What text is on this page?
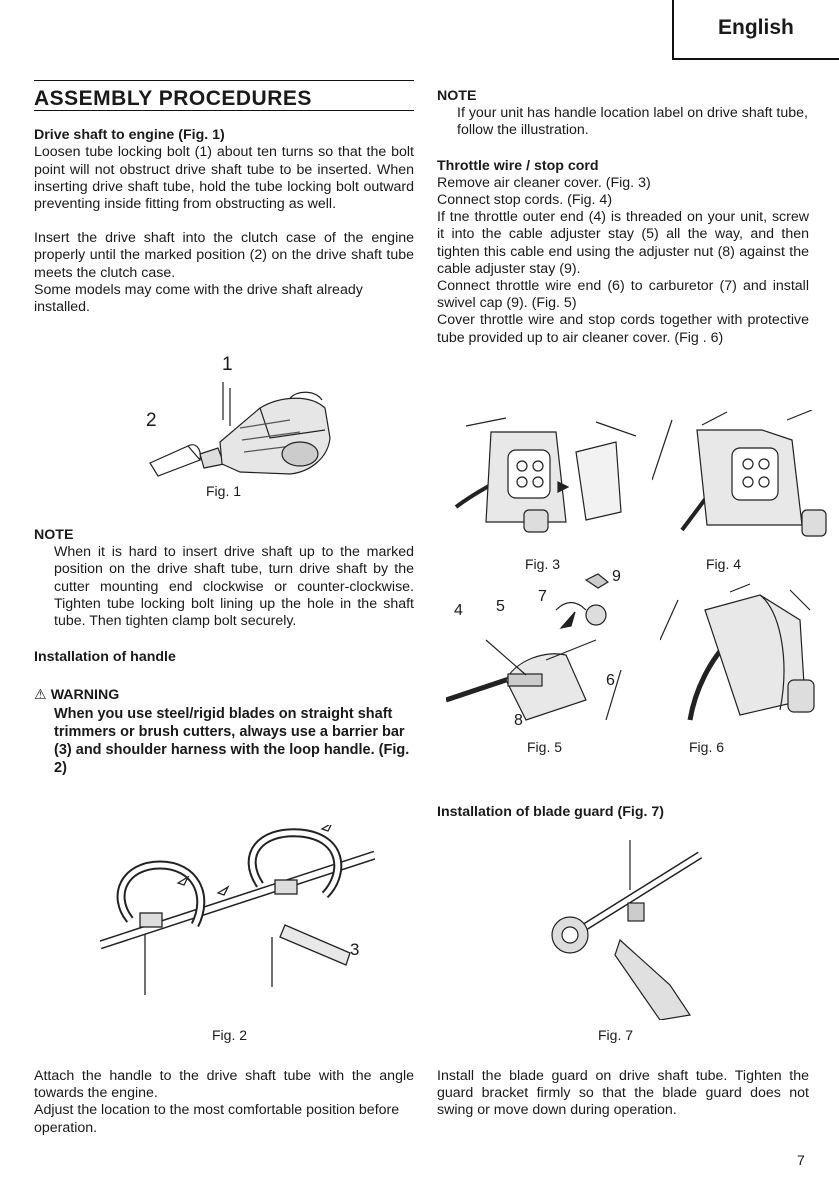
English
ASSEMBLY PROCEDURES

Drive shaft to engine (Fig. 1)

Loosen tube locking bolt (1) about ten turns so that the bolt point will not obstruct drive shaft tube to be inserted. When inserting drive shaft tube, hold the tube locking bolt outward preventing inside fitting from obstructing as well.

Insert the drive shaft into the clutch case of the engine properly until the marked position (2) on the drive shaft tube meets the clutch case.

Some models may come with the drive shaft already installed.

1
2
Fig. 1

NOTE

When it is hard to insert drive shaft up to the marked position on the drive shaft tube, turn drive shaft by the cutter mounting end clockwise or counter-clockwise. Tighten tube locking bolt lining up the hole in the shaft tube. Then tighten clamp bolt securely.

Installation of handle

⚠ WARNING

When you use steel/rigid blades on straight shaft trimmers or brush cutters, always use a barrier bar (3) and shoulder harness with the loop handle. (Fig. 2)

3
Fig. 2

Attach the handle to the drive shaft tube with the angle towards the engine.

Adjust the location to the most comfortable position before operation.

NOTE

If your unit has handle location label on drive shaft tube, follow the illustration.

Throttle wire / stop cord

Remove air cleaner cover. (Fig. 3)

Connect stop cords. (Fig. 4)

If tne throttle outer end (4) is threaded on your unit, screw it into the cable adjuster stay (5) all the way, and then tighten this cable end using the adjuster nut (8) against the cable adjuster stay (9).

Connect throttle wire end (6) to carburetor (7) and install swivel cap (9). (Fig. 5)

Cover throttle wire and stop cords together with protective tube provided up to air cleaner cover. (Fig . 6)

Fig. 3	Fig. 4
4 5
7
9
6
8
Fig. 5	Fig. 6

Installation of blade guard (Fig. 7)

Fig. 7

Install the blade guard on drive shaft tube. Tighten the guard bracket firmly so that the blade guard does not swing or move down during operation.

7
